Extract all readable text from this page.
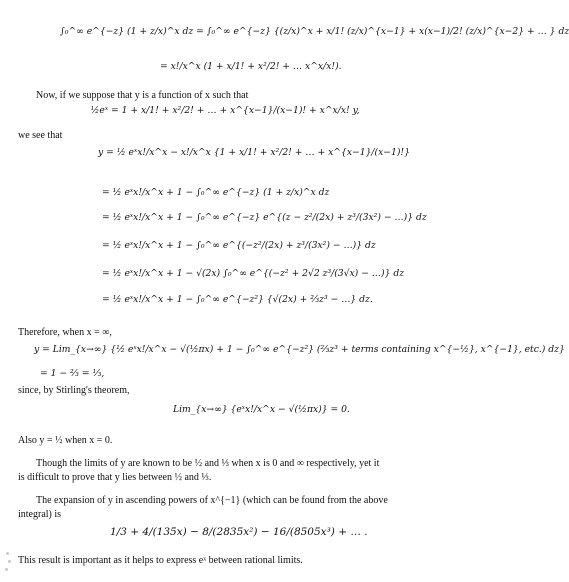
∫₀^∞ e^{−z} (1 + z/x)^x dz = ∫₀^∞ e^{−z} {(z/x)^x + x/1! (z/x)^{x−1} + x(x−1)/2! (z/x)^{x−2} + … } dz
= x!/x^x (1 + x/1! + x²/2! + … x^x/x!).
Now, if we suppose that y is a function of x such that
½eˣ = 1 + x/1! + x²/2! + … + x^{x−1}/(x−1)! + x^x/x! y,
we see that
y = ½ eˣx!/x^x − x!/x^x {1 + x/1! + x²/2! + … + x^{x−1}/(x−1)!}
= ½ eˣx!/x^x + 1 − ∫₀^∞ e^{−z} (1 + z/x)^x dz
= ½ eˣx!/x^x + 1 − ∫₀^∞ e^{−z} e^{(z − z²/(2x) + z³/(3x²) − …)} dz
= ½ eˣx!/x^x + 1 − ∫₀^∞ e^{(−z²/(2x) + z³/(3x²) − …)} dz
= ½ eˣx!/x^x + 1 − √(2x) ∫₀^∞ e^{(−z² + 2√2 z³/(3√x) − …)} dz
= ½ eˣx!/x^x + 1 − ∫₀^∞ e^{−z²} {√(2x) + ⅔z³ − …} dz.
Therefore, when x = ∞,
y = Lim_{x→∞} {½ eˣx!/x^x − √(½πx) + 1 − ∫₀^∞ e^{−z²} (⅔z³ + terms containing x^{−½}, x^{−1}, etc.) dz}
= 1 − ⅔ = ⅓,
since, by Stirling's theorem,
Lim_{x→∞} {eˣx!/x^x − √(½πx)} = 0.
Also y = ½ when x = 0.
Though the limits of y are known to be ½ and ⅓ when x is 0 and ∞ respectively, yet it
is difficult to prove that y lies between ½ and ⅓.
The expansion of y in ascending powers of x^{−1} (which can be found from the above
integral) is
1/3 + 4/(135x) − 8/(2835x²) − 16/(8505x³) + … .
This result is important as it helps to express eˣ between rational limits.
